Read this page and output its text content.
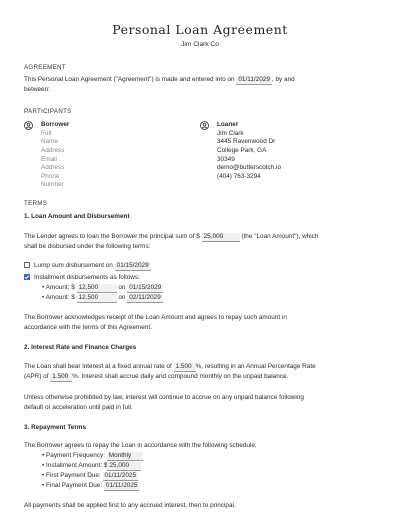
Personal Loan Agreement
Jim Clark Co
AGREEMENT
This Personal Loan Agreement ("Agreement") is made and entered into on 01/11/2029 , by and
between:
PARTICIPANTS
Borrower
Full Name
Address
Email Address
Phone Number
Loaner
Jim Clark
3445 Ravenwood Dr
College Park, GA 30349
demo@butterscotch.io
(404) 763-3294
TERMS
1. Loan Amount and Disbursement
The Lender agrees to loan the Borrower the principal sum of $ 25,000	(the "Loan Amount"), which
shall be disbursed under the following terms:
Lump sum disbursement on 01/15/2029
Installment disbursements as follows:
• Amount: $ 12,500	on 01/15/2029
• Amount: $ 12,500	on 02/11/2029
The Borrower acknowledges receipt of the Loan Amount and agrees to repay such amount in
accordance with the terms of this Agreement.
2. Interest Rate and Finance Charges
The Loan shall bear interest at a fixed annual rate of 1.500 %, resulting in an Annual Percentage Rate
(APR) of 1.500 %. Interest shall accrue daily and compound monthly on the unpaid balance.
Unless otherwise prohibited by law, interest will continue to accrue on any unpaid balance following
default or acceleration until paid in full.
3. Repayment Terms
The Borrower agrees to repay the Loan in accordance with the following schedule:
• Payment Frequency: Monthly
• Installment Amount: $ 25,000
• First Payment Due: 01/11/2025
• Final Payment Due: 01/11/2025
All payments shall be applied first to any accrued interest, then to principal.
